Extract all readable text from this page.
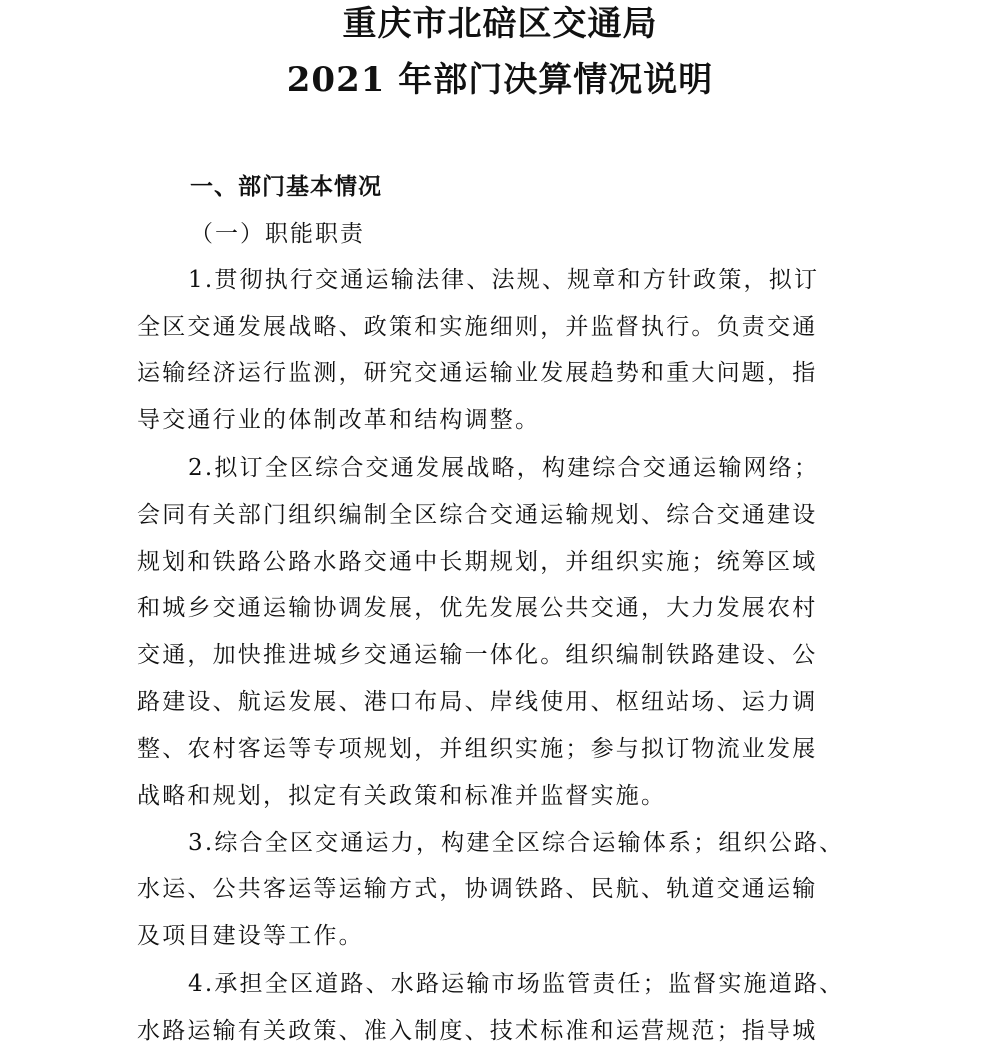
重庆市北碚区交通局
2021 年部门决算情况说明
一、部门基本情况
（一）职能职责
1.贯彻执行交通运输法律、法规、规章和方针政策，拟订
全区交通发展战略、政策和实施细则，并监督执行。负责交通
运输经济运行监测，研究交通运输业发展趋势和重大问题，指
导交通行业的体制改革和结构调整。
2.拟订全区综合交通发展战略，构建综合交通运输网络；
会同有关部门组织编制全区综合交通运输规划、综合交通建设
规划和铁路公路水路交通中长期规划，并组织实施；统筹区域
和城乡交通运输协调发展，优先发展公共交通，大力发展农村
交通，加快推进城乡交通运输一体化。组织编制铁路建设、公
路建设、航运发展、港口布局、岸线使用、枢纽站场、运力调
整、农村客运等专项规划，并组织实施；参与拟订物流业发展
战略和规划，拟定有关政策和标准并监督实施。
3.综合全区交通运力，构建全区综合运输体系；组织公路、
水运、公共客运等运输方式，协调铁路、民航、轨道交通运输
及项目建设等工作。
4.承担全区道路、水路运输市场监管责任；监督实施道路、
水路运输有关政策、准入制度、技术标准和运营规范；指导城
